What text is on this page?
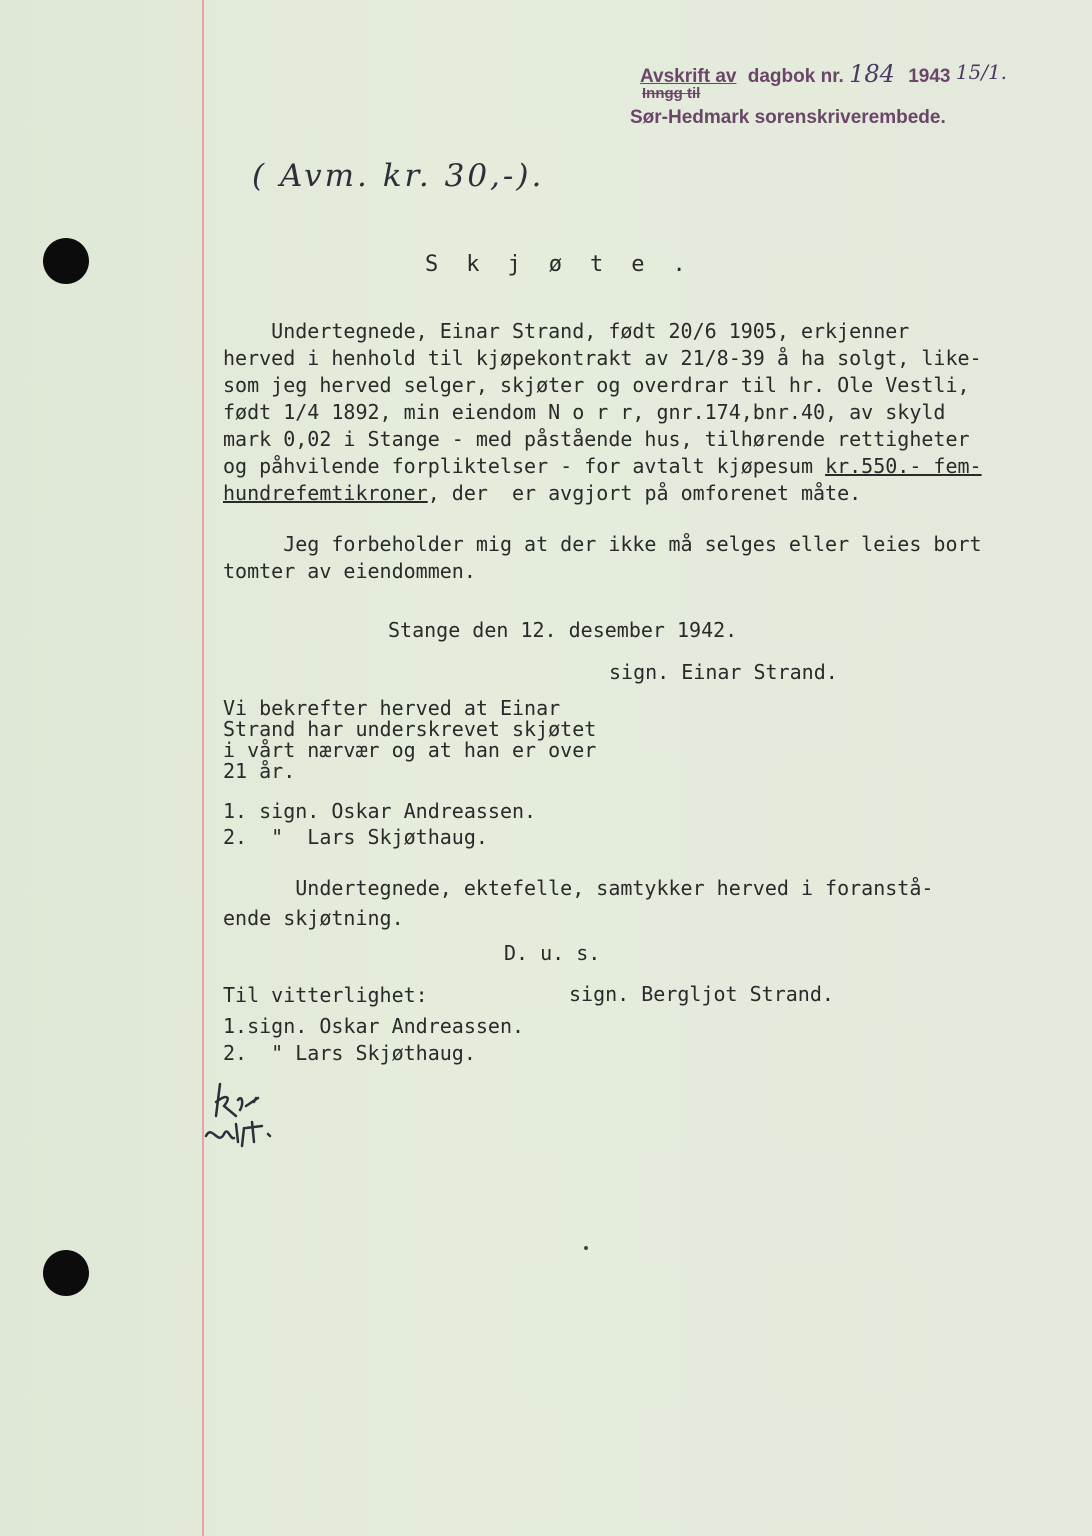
Avskrift av dagbok nr. 184 1943 15/1.
Inngg til
Sør-Hedmark sorenskriverembede.
( Avm. kr. 30,-).
Skjøte.
Undertegnede, Einar Strand, født 20/6 1905, erkjenner
herved i henhold til kjøpekontrakt av 21/8-39 å ha solgt, like-
som jeg herved selger, skjøter og overdrar til hr. Ole Vestli,
født 1/4 1892, min eiendom N o r r, gnr.174,bnr.40, av skyld
mark 0,02 i Stange - med påstående hus, tilhørende rettigheter
og påhvilende forpliktelser - for avtalt kjøpesum kr.550.- fem-
hundrefemtikroner, der  er avgjort på omforenet måte.
Jeg forbeholder mig at der ikke må selges eller leies bort
tomter av eiendommen.
Stange den 12. desember 1942.
sign. Einar Strand.
Vi bekrefter herved at Einar
Strand har underskrevet skjøtet
i vårt nærvær og at han er over
21 år.
1. sign. Oskar Andreassen.
2.  "  Lars Skjøthaug.
Undertegnede, ektefelle, samtykker herved i foranstå-
ende skjøtning.
D. u. s.
Til vitterlighet:	sign. Bergljot Strand.
1.sign. Oskar Andreassen.
2.  " Lars Skjøthaug.
